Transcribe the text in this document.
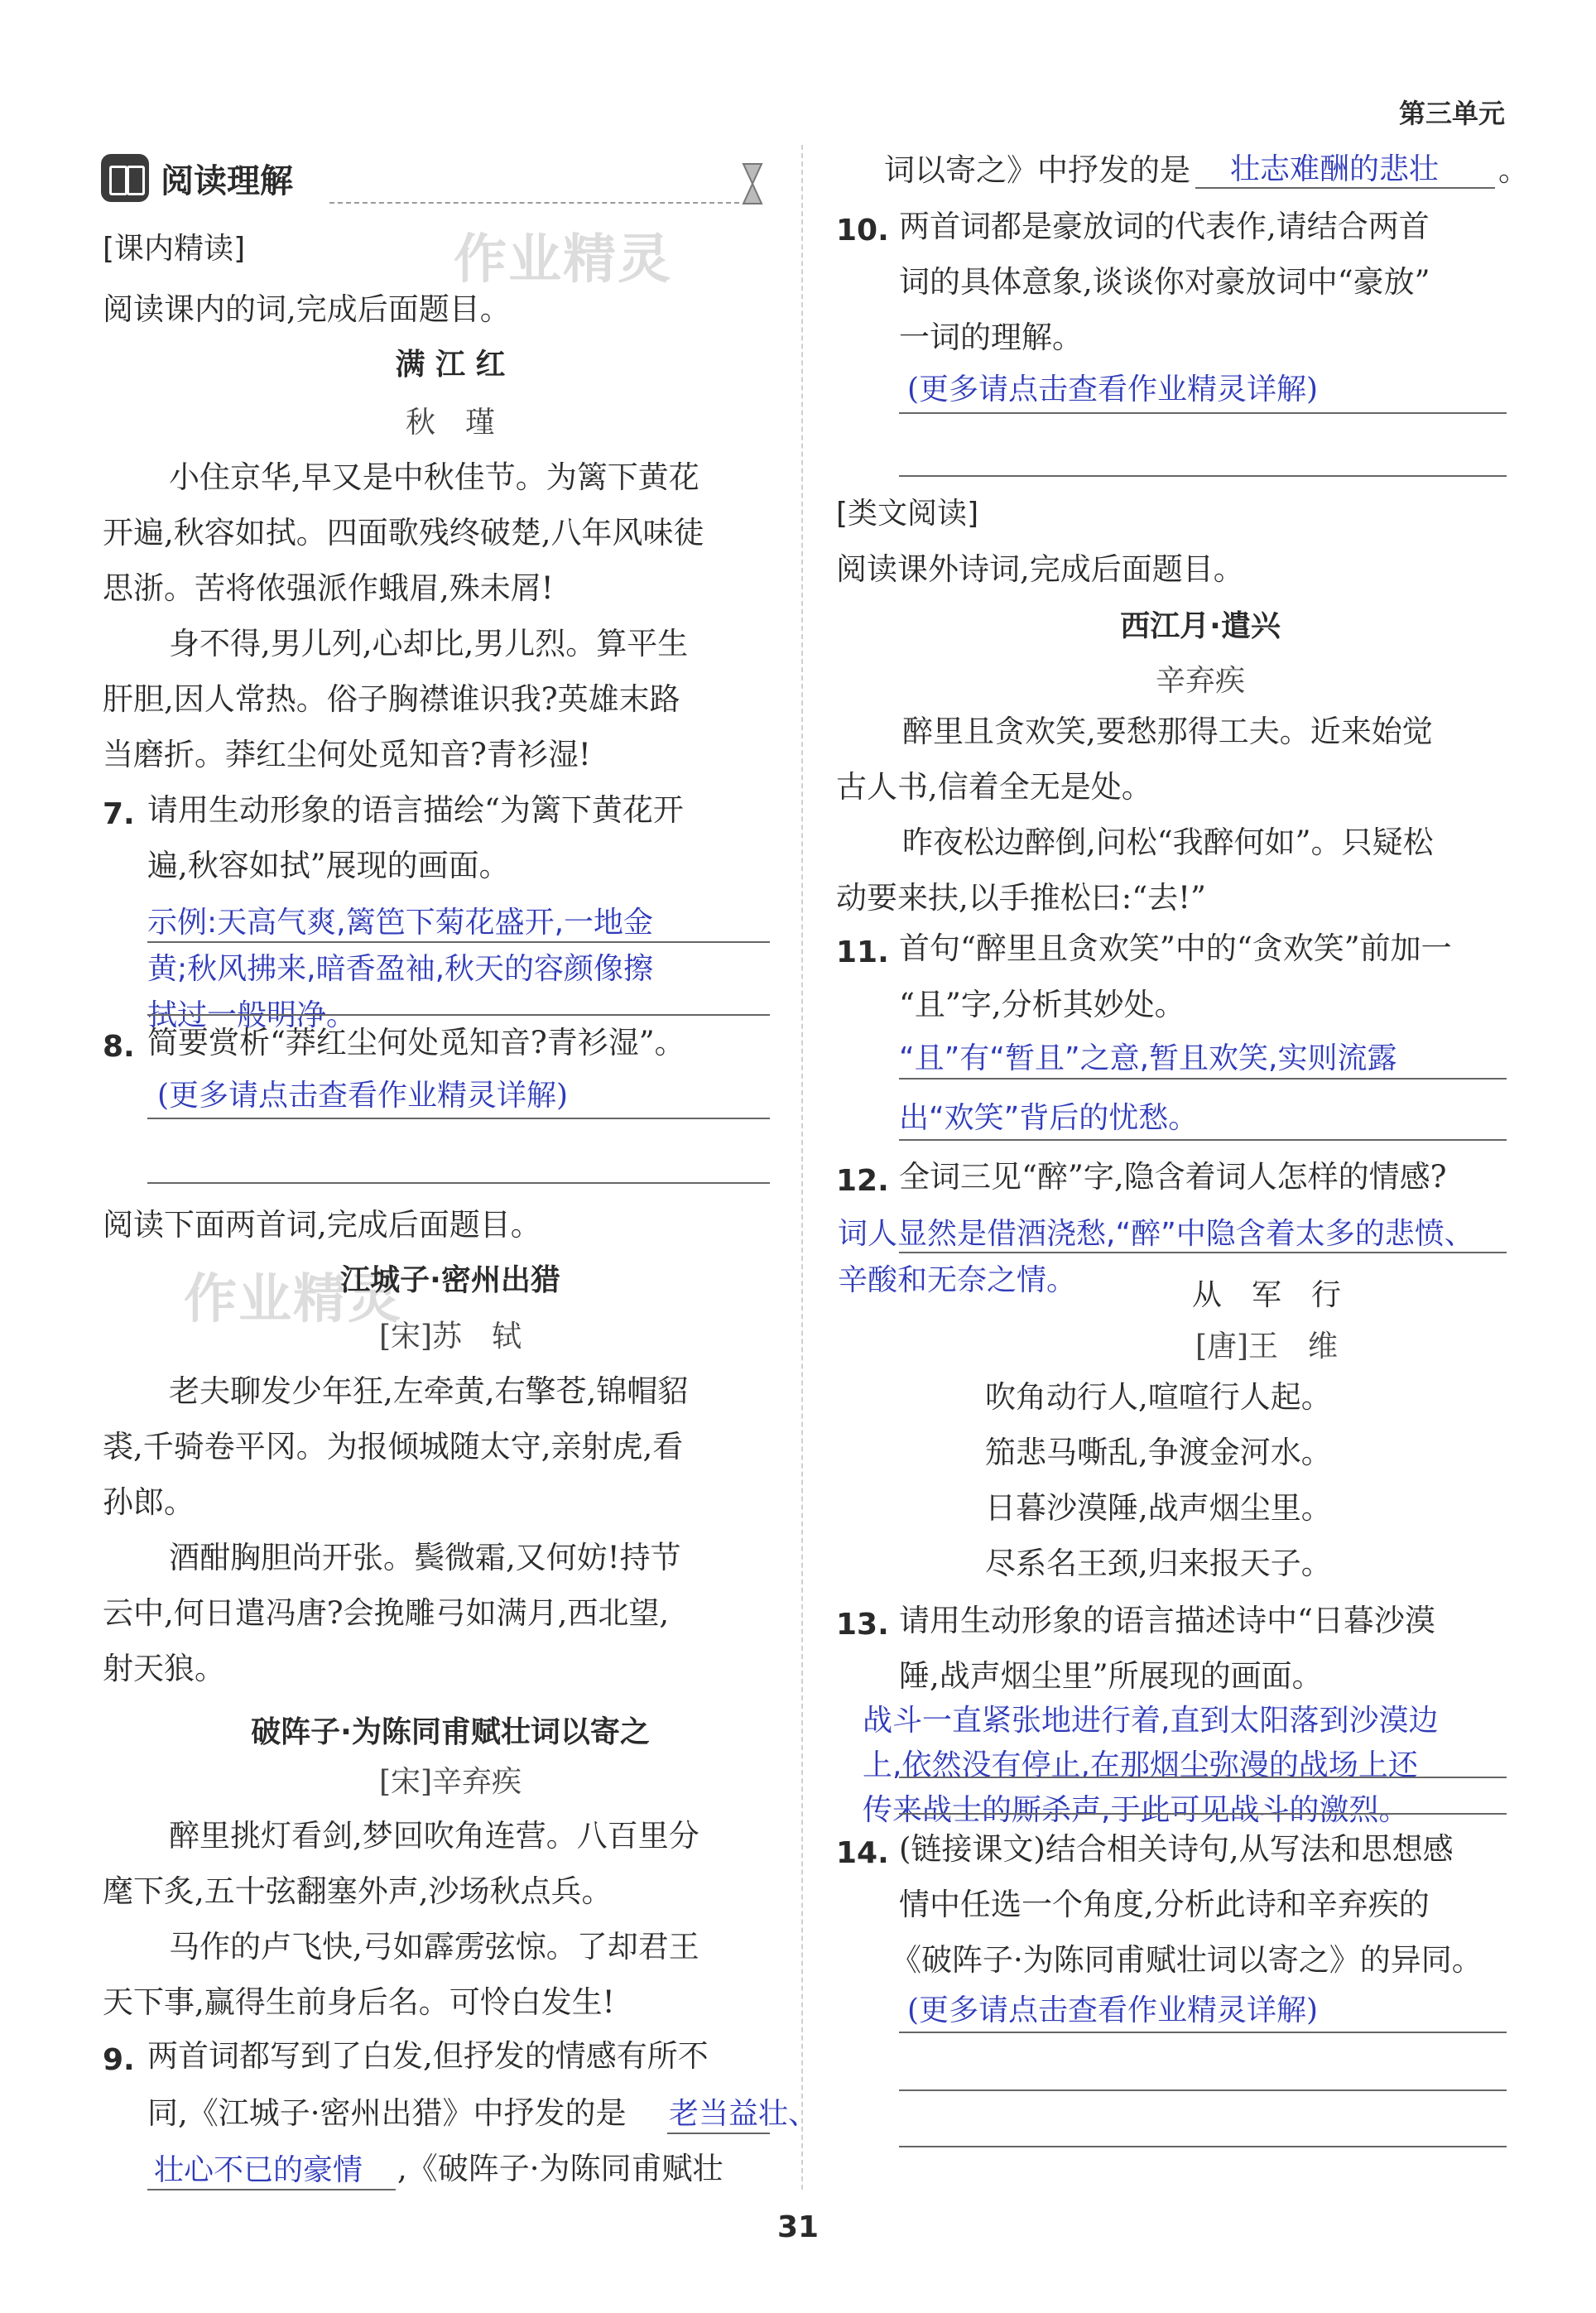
第三单元
31
阅读理解
作业精灵
作业精灵
[课内精读]
阅读课内的词,完成后面题目。
满 江 红
秋　瑾
小住京华,早又是中秋佳节。为篱下黄花
开遍,秋容如拭。四面歌残终破楚,八年风味徒
思浙。苦将侬强派作蛾眉,殊未屑!
身不得,男儿列,心却比,男儿烈。算平生
肝胆,因人常热。俗子胸襟谁识我?英雄末路
当磨折。莽红尘何处觅知音?青衫湿!
7. 请用生动形象的语言描绘“为篱下黄花开
遍,秋容如拭”展现的画面。
示例:天高气爽,篱笆下菊花盛开,一地金
黄;秋风拂来,暗香盈袖,秋天的容颜像擦
拭过一般明净。
8. 简要赏析“莽红尘何处觅知音?青衫湿”。
(更多请点击查看作业精灵详解)
阅读下面两首词,完成后面题目。
江城子·密州出猎
[宋]苏　轼
老夫聊发少年狂,左牵黄,右擎苍,锦帽貂
裘,千骑卷平冈。为报倾城随太守,亲射虎,看
孙郎。
酒酣胸胆尚开张。鬓微霜,又何妨!持节
云中,何日遣冯唐?会挽雕弓如满月,西北望,
射天狼。
破阵子·为陈同甫赋壮词以寄之
[宋]辛弃疾
醉里挑灯看剑,梦回吹角连营。八百里分
麾下炙,五十弦翻塞外声,沙场秋点兵。
马作的卢飞快,弓如霹雳弦惊。了却君王
天下事,赢得生前身后名。可怜白发生!
9. 两首词都写到了白发,但抒发的情感有所不
同,《江城子·密州出猎》中抒发的是 老当益壮、
壮心不已的豪情 ,《破阵子·为陈同甫赋壮
词以寄之》中抒发的是 壮志难酬的悲壮 。
10. 两首词都是豪放词的代表作,请结合两首
词的具体意象,谈谈你对豪放词中“豪放”
一词的理解。
(更多请点击查看作业精灵详解)
[类文阅读]
阅读课外诗词,完成后面题目。
西江月·遣兴
辛弃疾
醉里且贪欢笑,要愁那得工夫。近来始觉
古人书,信着全无是处。
昨夜松边醉倒,问松“我醉何如”。只疑松
动要来扶,以手推松曰:“去!”
11. 首句“醉里且贪欢笑”中的“贪欢笑”前加一
“且”字,分析其妙处。
“且”有“暂且”之意,暂且欢笑,实则流露
出“欢笑”背后的忧愁。
12. 全词三见“醉”字,隐含着词人怎样的情感?
词人显然是借酒浇愁,“醉”中隐含着太多的悲愤、
辛酸和无奈之情。	从　军　行
[唐]王　维
吹角动行人,喧喧行人起。
笳悲马嘶乱,争渡金河水。
日暮沙漠陲,战声烟尘里。
尽系名王颈,归来报天子。
13. 请用生动形象的语言描述诗中“日暮沙漠
陲,战声烟尘里”所展现的画面。
战斗一直紧张地进行着,直到太阳落到沙漠边
上,依然没有停止,在那烟尘弥漫的战场上还
传来战士的厮杀声,于此可见战斗的激烈。
14. (链接课文)结合相关诗句,从写法和思想感
情中任选一个角度,分析此诗和辛弃疾的
《破阵子·为陈同甫赋壮词以寄之》的异同。
(更多请点击查看作业精灵详解)
